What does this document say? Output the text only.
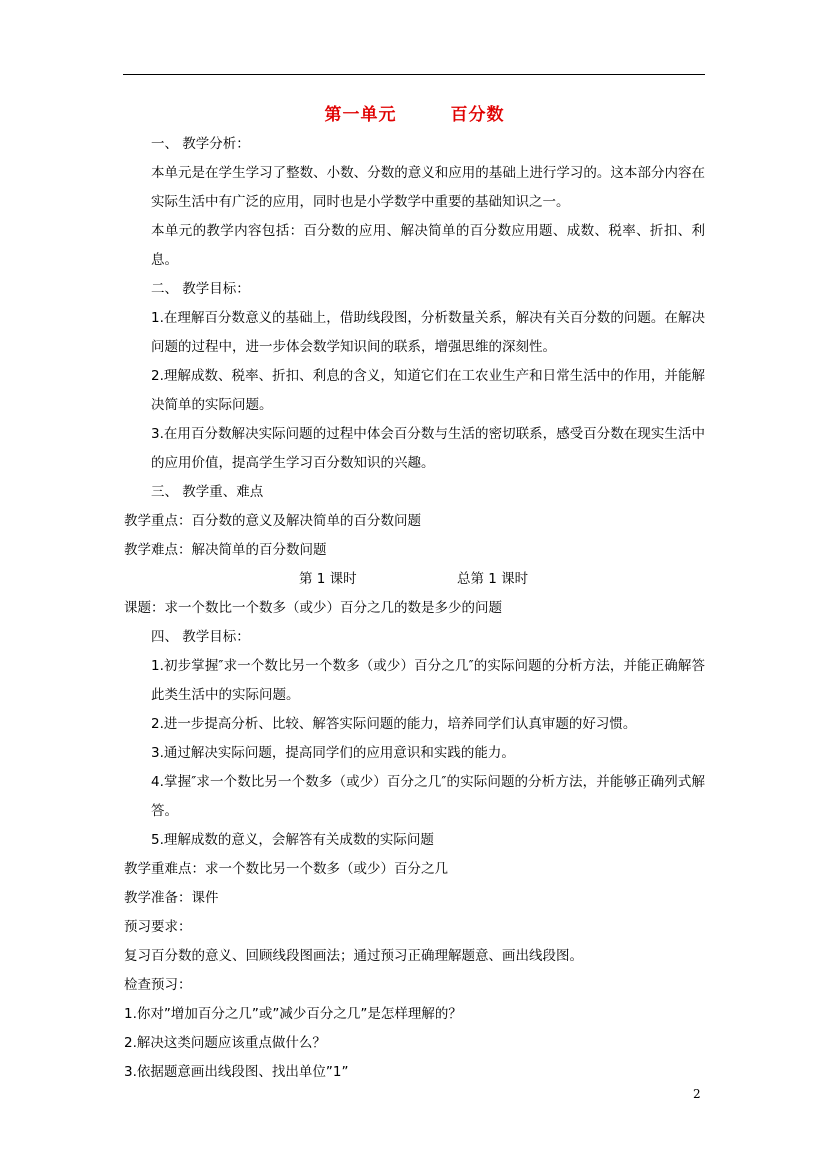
第一单元	百分数

一、 教学分析：

本单元是在学生学习了整数、小数、分数的意义和应用的基础上进行学习的。这本部分内容在实际生活中有广泛的应用，同时也是小学数学中重要的基础知识之一。

本单元的教学内容包括：百分数的应用、解决简单的百分数应用题、成数、税率、折扣、利息。

二、 教学目标：

1.在理解百分数意义的基础上，借助线段图，分析数量关系，解决有关百分数的问题。在解决问题的过程中，进一步体会数学知识间的联系，增强思维的深刻性。

2.理解成数、税率、折扣、利息的含义，知道它们在工农业生产和日常生活中的作用，并能解决简单的实际问题。

3.在用百分数解决实际问题的过程中体会百分数与生活的密切联系，感受百分数在现实生活中的应用价值，提高学生学习百分数知识的兴趣。

三、 教学重、难点

教学重点：百分数的意义及解决简单的百分数问题

教学难点：解决简单的百分数问题

第 1 课时	总第 1 课时

课题：求一个数比一个数多（或少）百分之几的数是多少的问题

四、 教学目标：

1.初步掌握″求一个数比另一个数多（或少）百分之几″的实际问题的分析方法，并能正确解答此类生活中的实际问题。

2.进一步提高分析、比较、解答实际问题的能力，培养同学们认真审题的好习惯。

3.通过解决实际问题，提高同学们的应用意识和实践的能力。

4.掌握″求一个数比另一个数多（或少）百分之几″的实际问题的分析方法，并能够正确列式解答。

5.理解成数的意义，会解答有关成数的实际问题

教学重难点：求一个数比另一个数多（或少）百分之几

教学准备：课件

预习要求：

复习百分数的意义、回顾线段图画法；通过预习正确理解题意、画出线段图。

检查预习：

1.你对”增加百分之几”或”减少百分之几”是怎样理解的？

2.解决这类问题应该重点做什么？

3.依据题意画出线段图、找出单位”1”

2
